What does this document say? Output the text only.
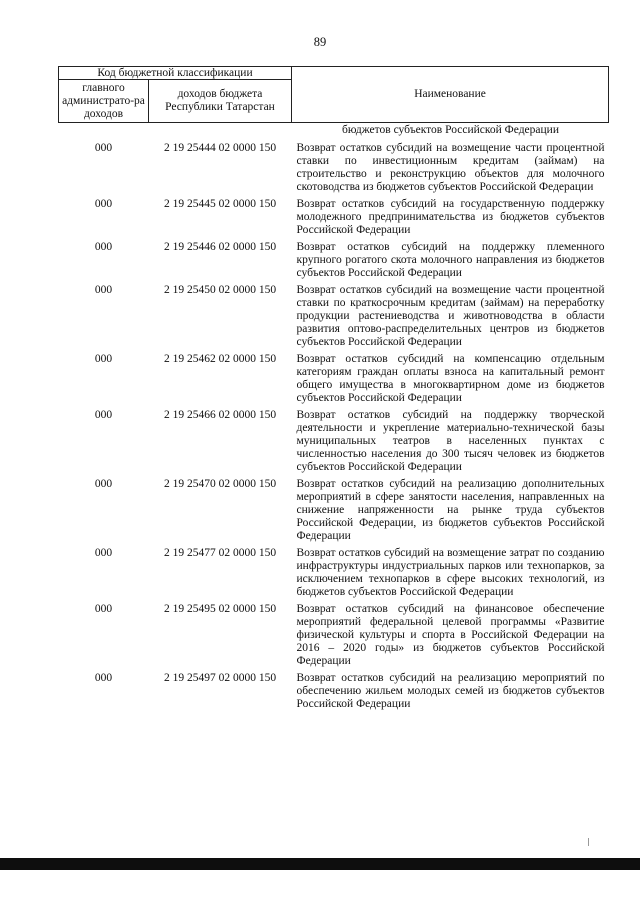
89
Код бюджетной классификации		Наименование
главного администрато-ра доходов	доходов бюджета Республики Татарстан	
		бюджетов субъектов Российской Федерации
000	2 19 25444 02 0000 150	Возврат остатков субсидий на возмещение части процентной ставки по инвестиционным кредитам (займам) на строительство и реконструкцию объектов для молочного скотоводства из бюджетов субъектов Российской Федерации
000	2 19 25445 02 0000 150	Возврат остатков субсидий на государственную поддержку молодежного предпринимательства из бюджетов субъектов Российской Федерации
000	2 19 25446 02 0000 150	Возврат остатков субсидий на поддержку племенного крупного рогатого скота молочного направления из бюджетов субъектов Российской Федерации
000	2 19 25450 02 0000 150	Возврат остатков субсидий на возмещение части процентной ставки по краткосрочным кредитам (займам) на переработку продукции растениеводства и животноводства в области развития оптово-распределительных центров из бюджетов субъектов Российской Федерации
000	2 19 25462 02 0000 150	Возврат остатков субсидий на компенсацию отдельным категориям граждан оплаты взноса на капитальный ремонт общего имущества в многоквартирном доме из бюджетов субъектов Российской Федерации
000	2 19 25466 02 0000 150	Возврат остатков субсидий на поддержку творческой деятельности и укрепление материально-технической базы муниципальных театров в населенных пунктах с численностью населения до 300 тысяч человек из бюджетов субъектов Российской Федерации
000	2 19 25470 02 0000 150	Возврат остатков субсидий на реализацию дополнительных мероприятий в сфере занятости населения, направленных на снижение напряженности на рынке труда субъектов Российской Федерации, из бюджетов субъектов Российской Федерации
000	2 19 25477 02 0000 150	Возврат остатков субсидий на возмещение затрат по созданию инфраструктуры индустриальных парков или технопарков, за исключением технопарков в сфере высоких технологий, из бюджетов субъектов Российской Федерации
000	2 19 25495 02 0000 150	Возврат остатков субсидий на финансовое обеспечение мероприятий федеральной целевой программы «Развитие физической культуры и спорта в Российской Федерации на 2016 – 2020 годы» из бюджетов субъектов Российской Федерации
000	2 19 25497 02 0000 150	Возврат остатков субсидий на реализацию мероприятий по обеспечению жильем молодых семей из бюджетов субъектов Российской Федерации
